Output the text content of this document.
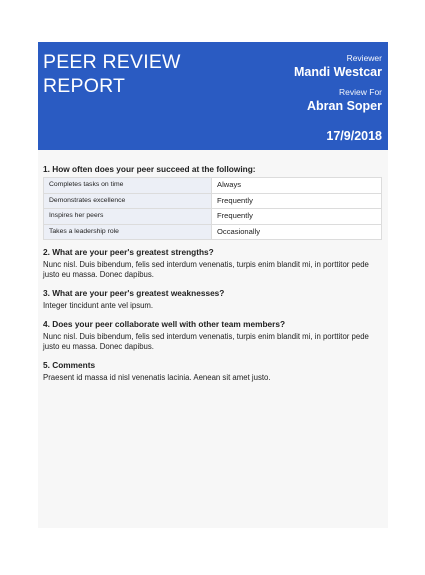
PEER REVIEW REPORT
Reviewer
Mandi Westcar
Review For
Abran Soper
17/9/2018
1. How often does your peer succeed at the following:
Completes tasks on time	Always
Demonstrates excellence	Frequently
Inspires her peers	Frequently
Takes a leadership role	Occasionally
2. What are your peer's greatest strengths?
Nunc nisl. Duis bibendum, felis sed interdum venenatis, turpis enim blandit mi, in porttitor pede justo eu massa. Donec dapibus.
3. What are your peer's greatest weaknesses?
Integer tincidunt ante vel ipsum.
4. Does your peer collaborate well with other team members?
Nunc nisl. Duis bibendum, felis sed interdum venenatis, turpis enim blandit mi, in porttitor pede justo eu massa. Donec dapibus.
5. Comments
Praesent id massa id nisl venenatis lacinia. Aenean sit amet justo.
